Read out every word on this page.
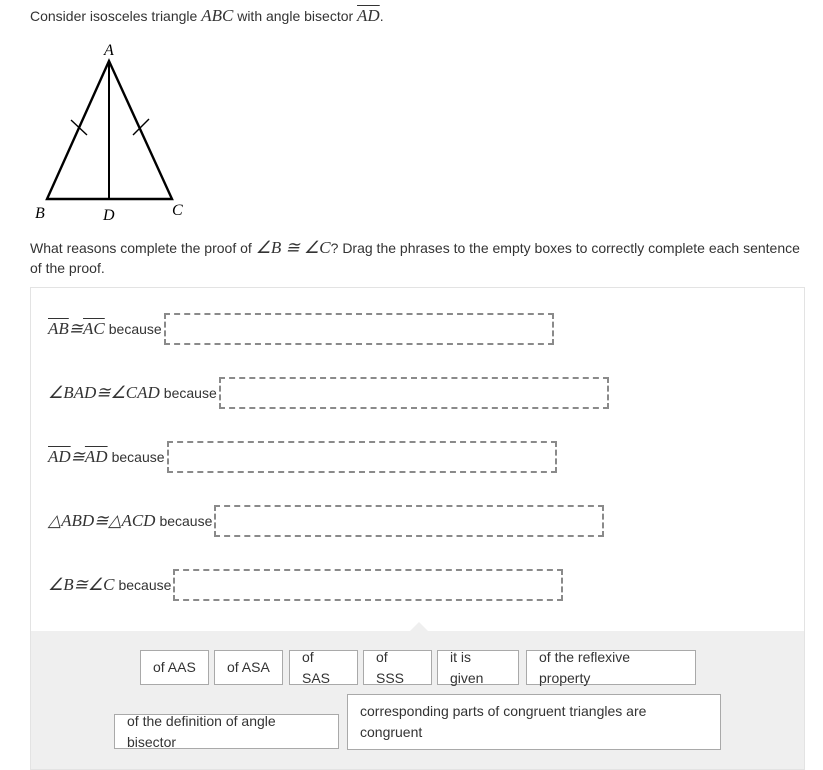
Consider isosceles triangle ABC with angle bisector $\overline{AD}$.
A
B	C
D
What reasons complete the proof of ∠B ≅ ∠C? Drag the phrases to the empty boxes to correctly complete each sentence of the proof.
$\overline{AB}$ ≅ $\overline{AC}$ because
∠BAD ≅ ∠CAD because
$\overline{AD}$ ≅ $\overline{AD}$ because
△ABD ≅ △ACD because
∠B ≅ ∠C because
of AAS of ASA
of SAS
of SSS
it is given
of the reflexive property
of the definition of angle bisector
corresponding parts of congruent triangles are congruent
